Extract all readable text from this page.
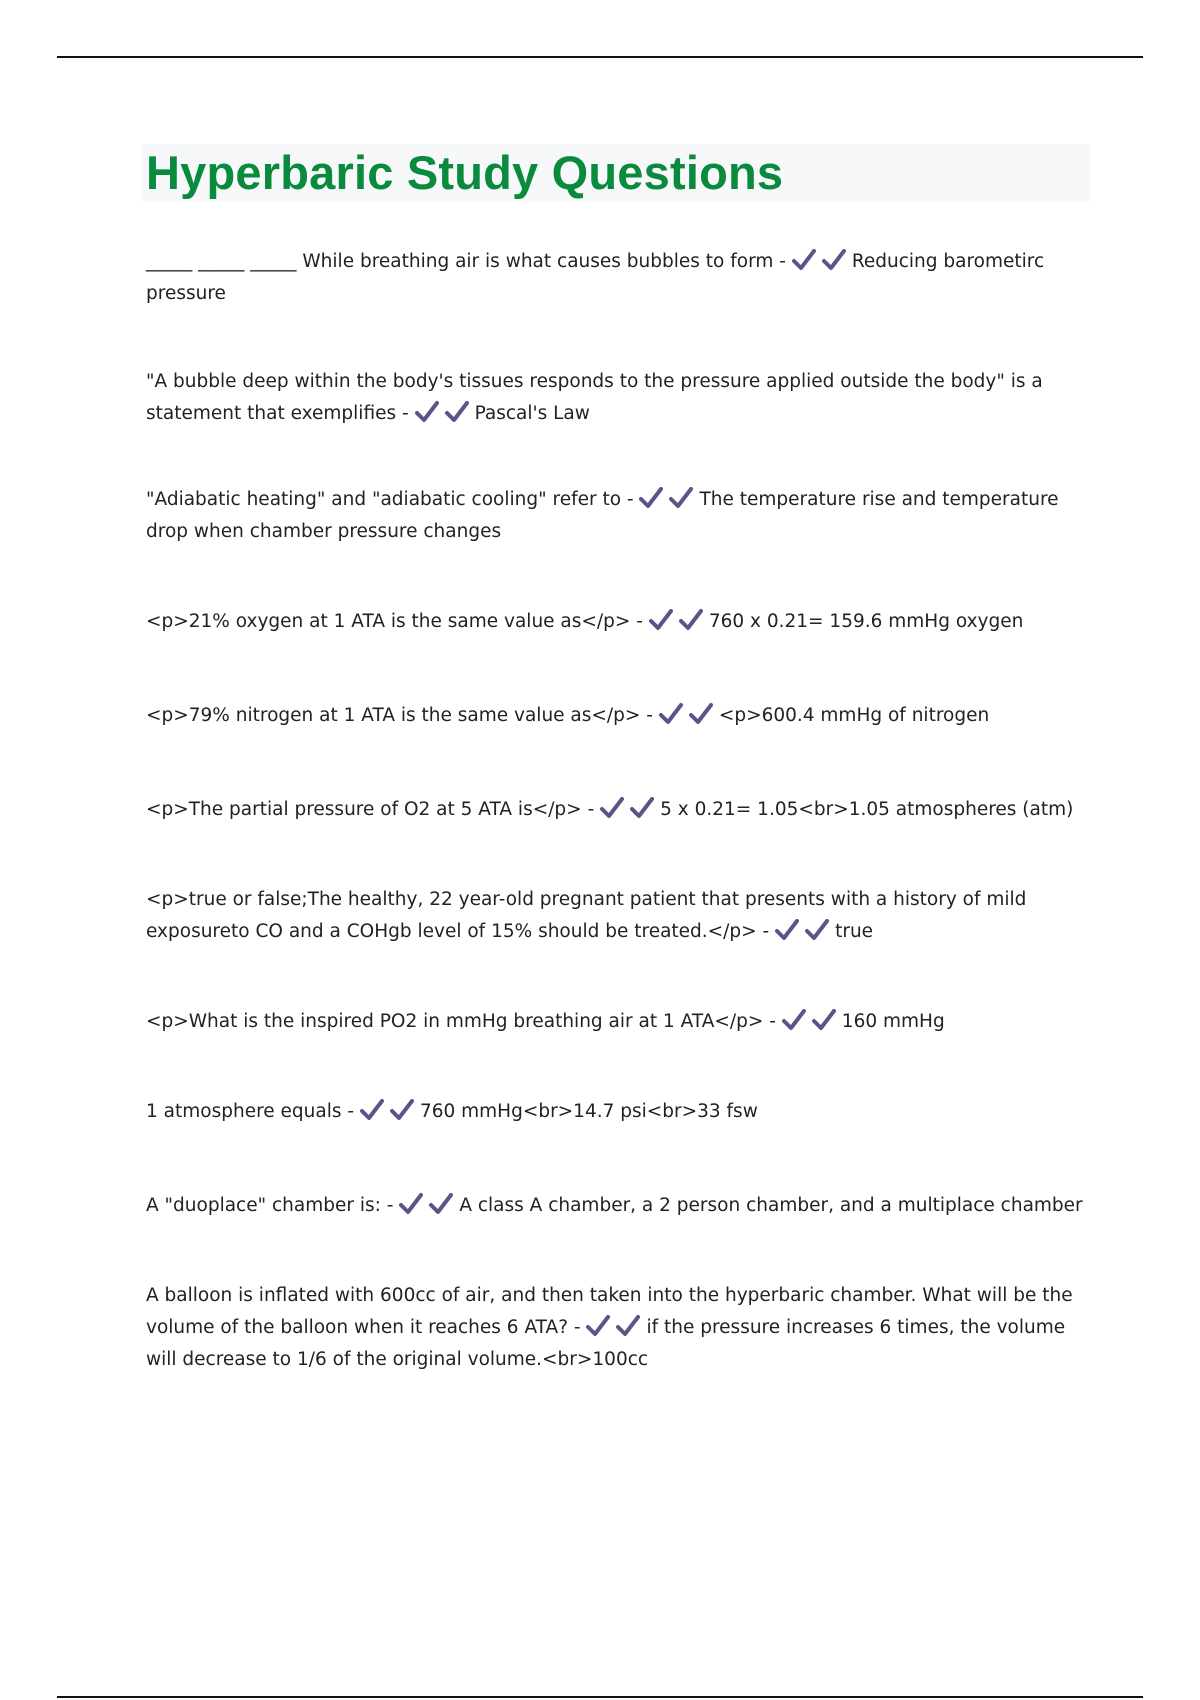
Hyperbaric Study Questions

_____ _____ _____ While breathing air is what causes bubbles to form -	Reducing barometirc pressure

"A bubble deep within the body's tissues responds to the pressure applied outside the body" is a statement that exemplifies -	Pascal's Law

"Adiabatic heating" and "adiabatic cooling" refer to -	The temperature rise and temperature drop when chamber pressure changes

<p>21% oxygen at 1 ATA is the same value as</p> -	760 x 0.21= 159.6 mmHg oxygen

<p>79% nitrogen at 1 ATA is the same value as</p> -	<p>600.4 mmHg of nitrogen

<p>The partial pressure of O2 at 5 ATA is</p> -	5 x 0.21= 1.05<br>1.05 atmospheres (atm)

<p>true or false;The healthy, 22 year-old pregnant patient that presents with a history of mild exposureto CO and a COHgb level of 15% should be treated.</p> -	true

<p>What is the inspired PO2 in mmHg breathing air at 1 ATA</p> -	160 mmHg

1 atmosphere equals -	760 mmHg<br>14.7 psi<br>33 fsw

A "duoplace" chamber is: -	A class A chamber, a 2 person chamber, and a multiplace chamber

A balloon is inflated with 600cc of air, and then taken into the hyperbaric chamber. What will be the volume of the balloon when it reaches 6 ATA? -	if the pressure increases 6 times, the volume will decrease to 1/6 of the original volume.<br>100cc
